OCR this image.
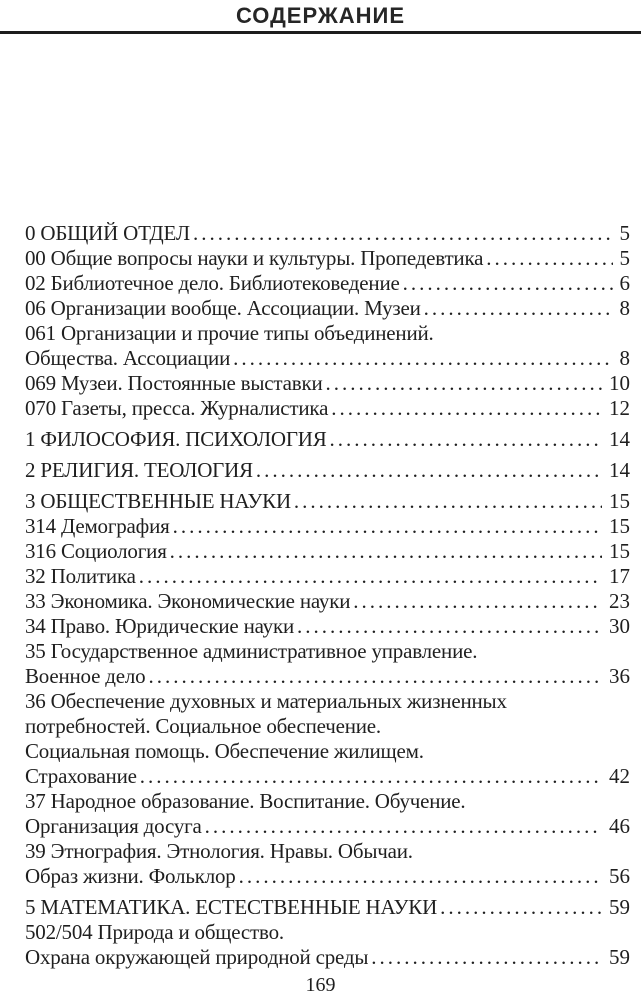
СОДЕРЖАНИЕ
0 ОБЩИЙ ОТДЕЛ .....	5
00 Общие вопросы науки и культуры. Пропедевтика .....	5
02 Библиотечное дело. Библиотековедение .....	6
06 Организации вообще. Ассоциации. Музеи .....	8
061 Организации и прочие типы объединений.
Общества. Ассоциации .....	8
069 Музеи. Постоянные выставки .....	10
070 Газеты, пресса. Журналистика .....	12
1 ФИЛОСОФИЯ. ПСИХОЛОГИЯ .....	14
2 РЕЛИГИЯ. ТЕОЛОГИЯ .....	14
3 ОБЩЕСТВЕННЫЕ НАУКИ .....	15
314 Демография .....	15
316 Социология .....	15
32 Политика .....	17
33 Экономика. Экономические науки .....	23
34 Право. Юридические науки .....	30
35 Государственное административное управление.
Военное дело .....	36
36 Обеспечение духовных и материальных жизненных
потребностей. Социальное обеспечение.
Социальная помощь. Обеспечение жилищем.
Страхование .....	42
37 Народное образование. Воспитание. Обучение.
Организация досуга .....	46
39 Этнография. Этнология. Нравы. Обычаи.
Образ жизни. Фольклор .....	56
5 МАТЕМАТИКА. ЕСТЕСТВЕННЫЕ НАУКИ .....	59
502/504 Природа и общество.
Охрана окружающей природной среды .....	59
169
